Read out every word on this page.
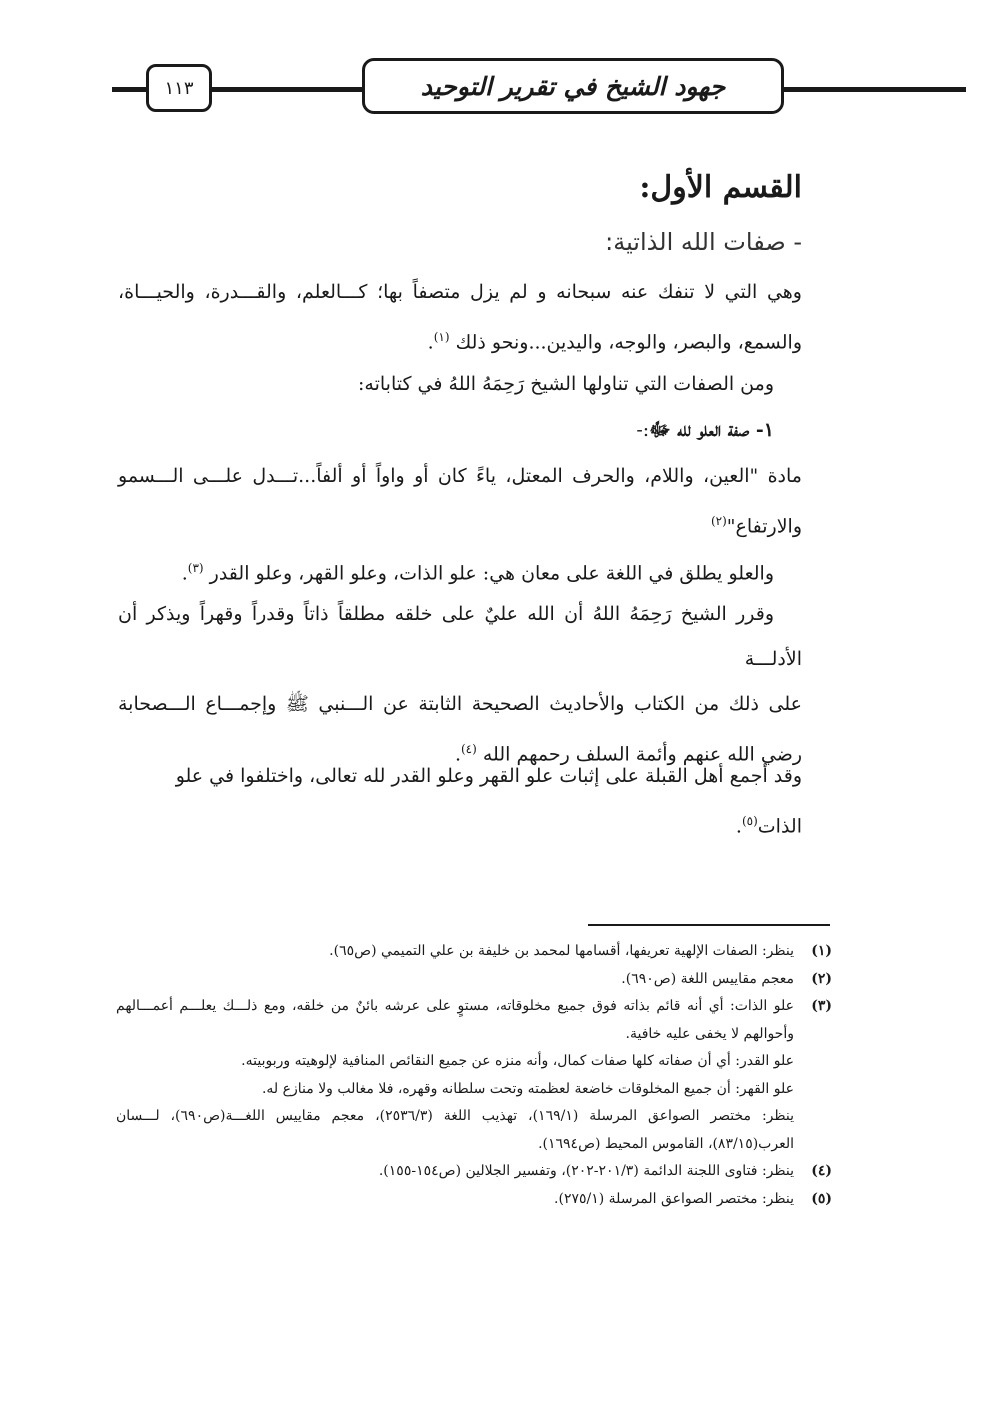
١١٣	جهود الشيخ في تقرير التوحيد
القسم الأول:
- صفات الله الذاتية:
وهي التي لا تنفك عنه سبحانه و لم يزل متصفاً بها؛ كـــالعلم، والقـــدرة، والحيـــاة،
والسمع، والبصر، والوجه، واليدين...ونحو ذلك $^{(١)}$.
ومن الصفات التي تناولها الشيخ رَحِمَهُ اللهُ في كتاباته:
١- صفة العلو لله ﷻ:-
مادة "العين، واللام، والحرف المعتل، ياءً كان أو واواً أو ألفاً...تـــدل علـــى الـــسمو
والارتفاع"$^{(٢)}$
والعلو يطلق في اللغة على معان هي: علو الذات، وعلو القهر، وعلو القدر $^{(٣)}$.
وقرر الشيخ رَحِمَهُ اللهُ أن الله عليٌ على خلقه مطلقاً ذاتاً وقدراً وقهراً ويذكر أن الأدلـــة
على ذلك من الكتاب والأحاديث الصحيحة الثابتة عن الـــنبي ﷺ وإجمـــاع الـــصحابة
رضي الله عنهم وأئمة السلف رحمهم الله $^{(٤)}$.
وقد أجمع أهل القبلة على إثبات علو القهر وعلو القدر لله تعالى، واختلفوا في علو
الذات$^{(٥)}$.
(١)
ينظر: الصفات الإلهية تعريفها، أقسامها لمحمد بن خليفة بن علي التميمي (ص٦٥).
(٢)
معجم مقاييس اللغة (ص٦٩٠).
(٣)
علو الذات: أي أنه قائم بذاته فوق جميع مخلوقاته، مستوٍ على عرشه بائنٌ من خلقه، ومع ذلـــك يعلـــم أعمـــالهم وأحوالهم لا يخفى عليه خافية.
علو القدر: أي أن صفاته كلها صفات كمال، وأنه منزه عن جميع النقائص المنافية لإلوهيته وربوبيته.
علو القهر: أن جميع المخلوقات خاضعة لعظمته وتحت سلطانه وقهره، فلا مغالب ولا منازع له.
ينظر: مختصر الصواعق المرسلة (١٦٩/١)، تهذيب اللغة (٢٥٣٦/٣)، معجم مقاييس اللغـــة(ص٦٩٠)، لـــسان العرب(٨٣/١٥)، القاموس المحيط (ص١٦٩٤).
(٤)
ينظر: فتاوى اللجنة الدائمة (٢٠١/٣-٢٠٢)، وتفسير الجلالين (ص١٥٤-١٥٥).
(٥)
ينظر: مختصر الصواعق المرسلة (٢٧٥/١).
